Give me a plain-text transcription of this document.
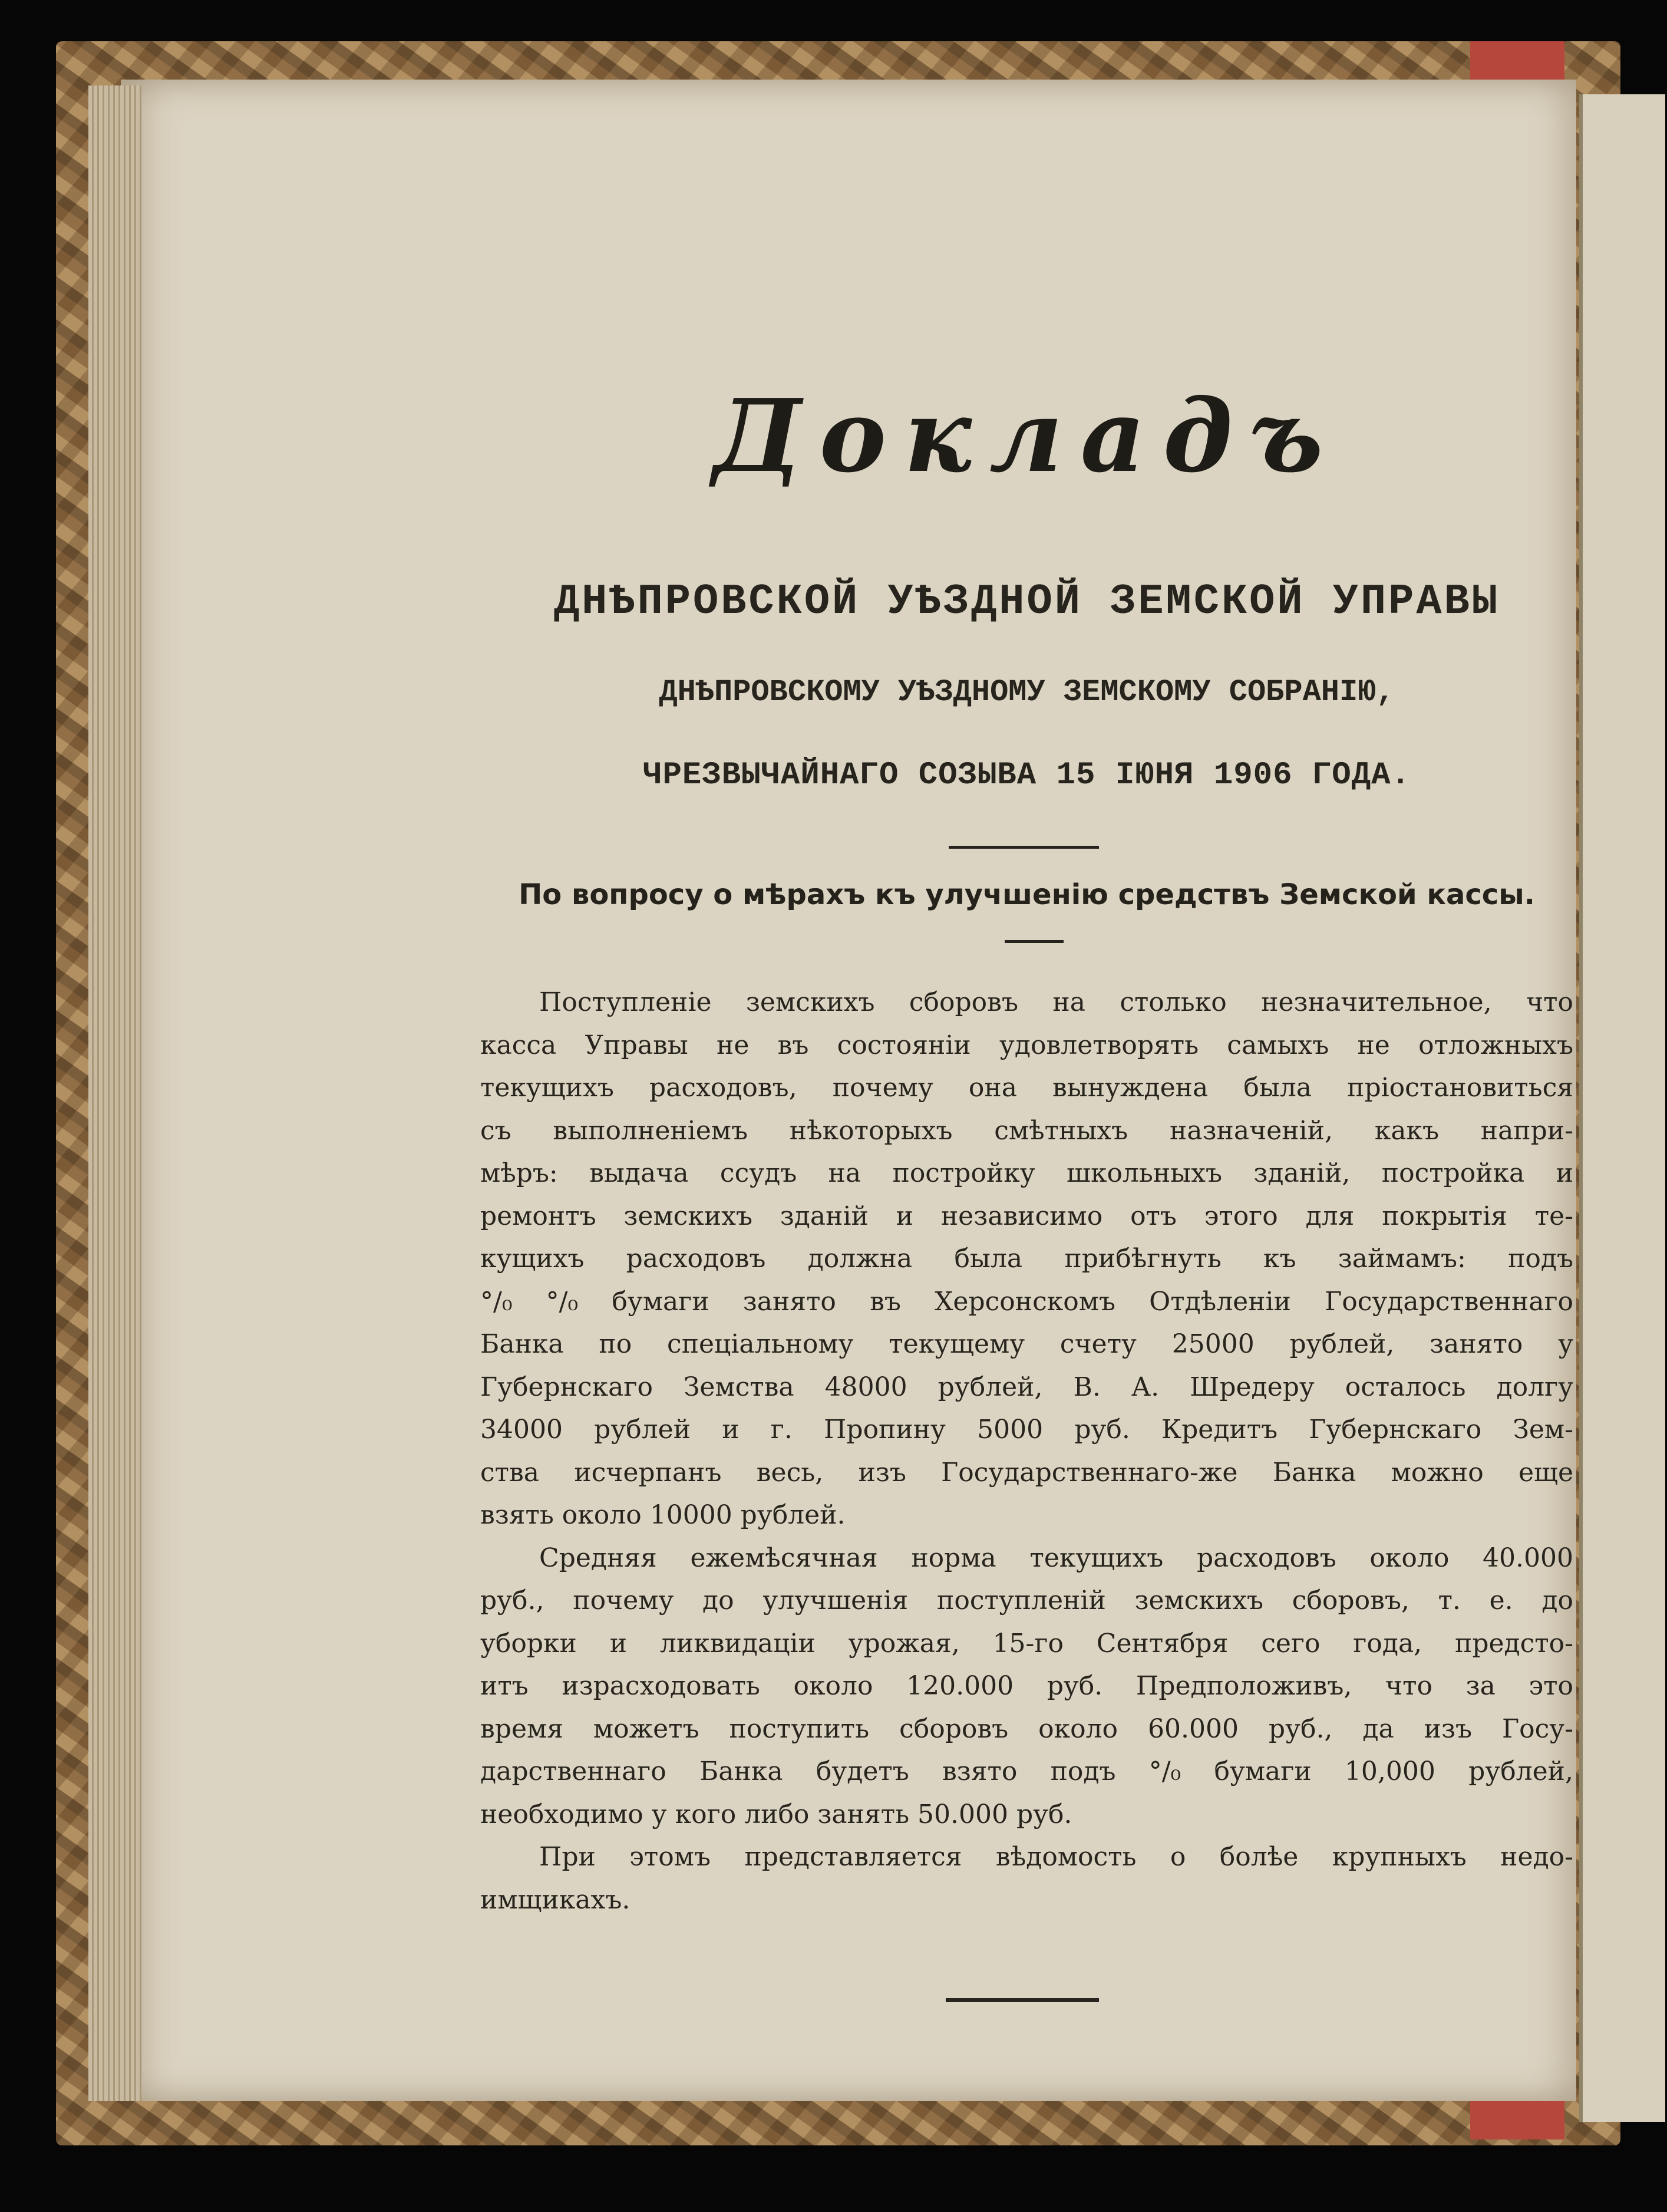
Докладъ
ДНѢПРОВСКОЙ УѢЗДНОЙ ЗЕМСКОЙ УПРАВЫ
ДНѢПРОВСКОМУ УѢЗДНОМУ ЗЕМСКОМУ СОБРАНІЮ,
ЧРЕЗВЫЧАЙНАГО СОЗЫВА 15 ІЮНЯ 1906 ГОДА.
По вопросу о мѣрахъ къ улучшенію средствъ Земской кассы.
Поступленіе земскихъ сборовъ на столько незначительное, что
касса Управы не въ состояніи удовлетворять самыхъ не отложныхъ
текущихъ расходовъ, почему она вынуждена была пріостановиться
съ выполненіемъ нѣкоторыхъ смѣтныхъ назначеній, какъ напри-
мѣръ: выдача ссудъ на постройку школьныхъ зданій, постройка и
ремонтъ земскихъ зданій и независимо отъ этого для покрытія те-
кущихъ расходовъ должна была прибѣгнуть къ займамъ: подъ
°/₀ °/₀ бумаги занято въ Херсонскомъ Отдѣленіи Государственнаго
Банка по спеціальному текущему счету 25000 рублей, занято у
Губернскаго Земства 48000 рублей, В. А. Шредеру осталось долгу
34000 рублей и г. Пропину 5000 руб. Кредитъ Губернскаго Зем-
ства исчерпанъ весь, изъ Государственнаго-же Банка можно еще
взять около 10000 рублей.
Средняя ежемѣсячная норма текущихъ расходовъ около 40.000
руб., почему до улучшенія поступленій земскихъ сборовъ, т. е. до
уборки и ликвидаціи урожая, 15-го Сентября сего года, предсто-
итъ израсходовать около 120.000 руб. Предположивъ, что за это
время можетъ поступить сборовъ около 60.000 руб., да изъ Госу-
дарственнаго Банка будетъ взято подъ °/₀ бумаги 10,000 рублей,
необходимо у кого либо занять 50.000 руб.
При этомъ представляется вѣдомость о болѣе крупныхъ недо-
имщикахъ.
